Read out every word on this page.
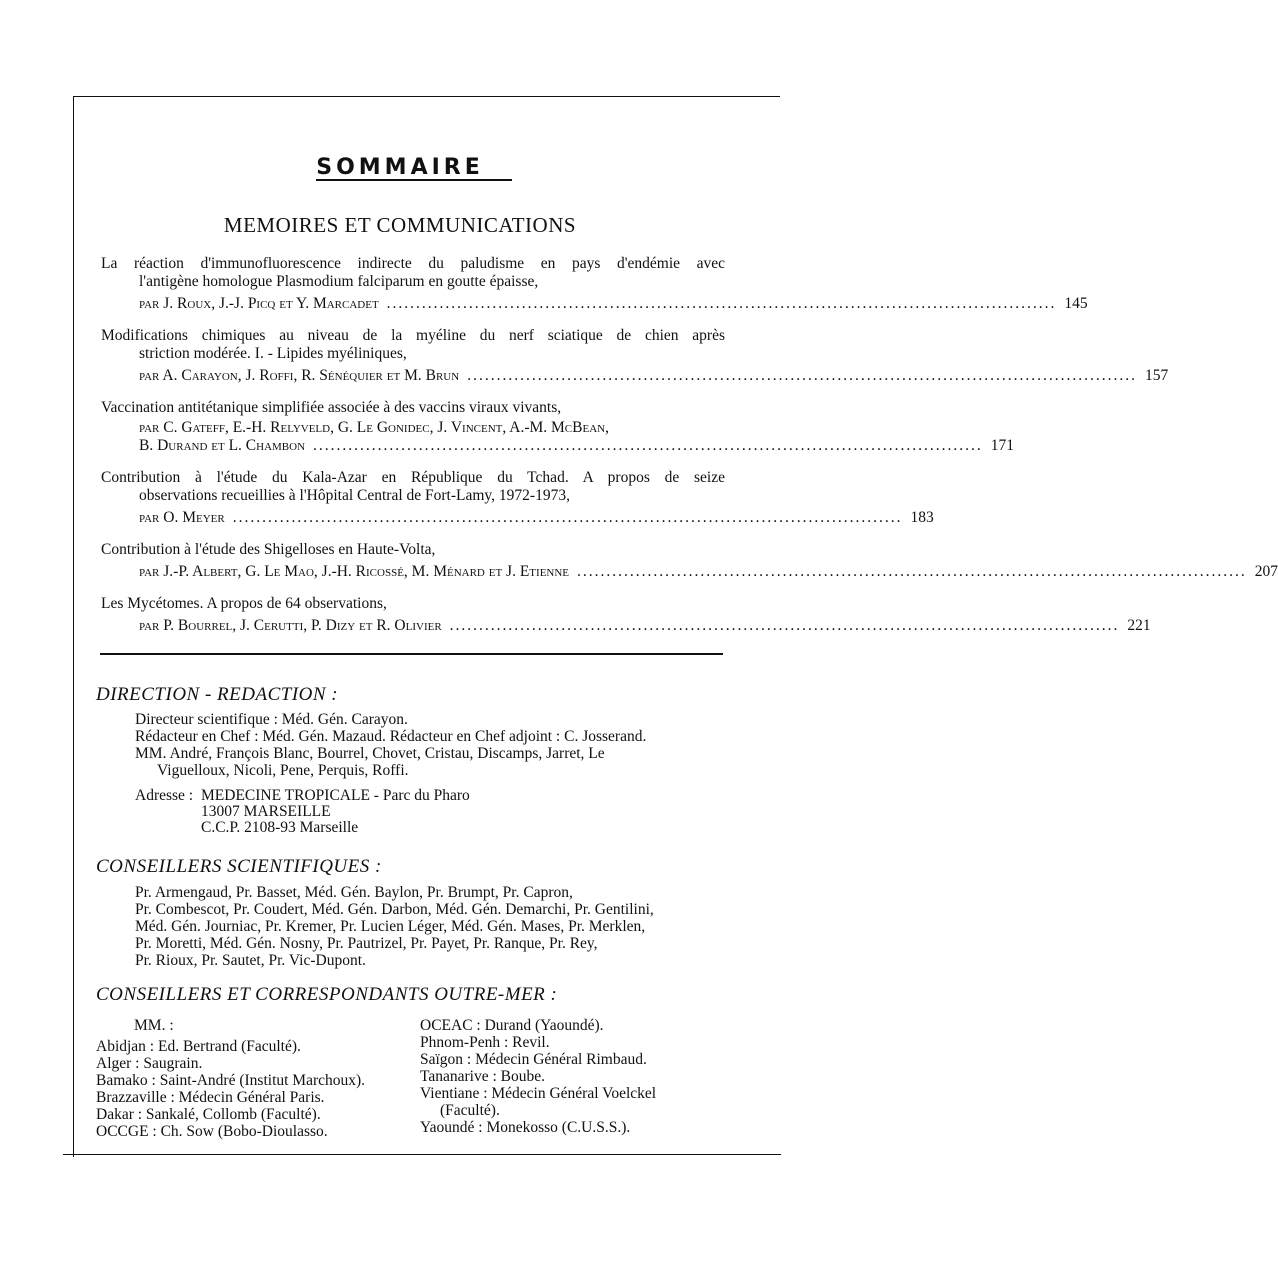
SOMMAIRE
MEMOIRES ET COMMUNICATIONS
La réaction d'immunofluorescence indirecte du paludisme en pays d'endémie avec
l'antigène homologue Plasmodium falciparum en goutte épaisse,
par J. Roux, J.-J. Picq et Y. Marcadet .................................................................................................................. 145
Modifications chimiques au niveau de la myéline du nerf sciatique de chien après
striction modérée. I. - Lipides myéliniques,
par A. Carayon, J. Roffi, R. Sénéquier et M. Brun .................................................................................................................. 157
Vaccination antitétanique simplifiée associée à des vaccins viraux vivants,
par C. Gateff, E.-H. Relyveld, G. Le Gonidec, J. Vincent, A.-M. McBean,
B. Durand et L. Chambon .................................................................................................................. 171
Contribution à l'étude du Kala-Azar en République du Tchad. A propos de seize
observations recueillies à l'Hôpital Central de Fort-Lamy, 1972-1973,
par O. Meyer .................................................................................................................. 183
Contribution à l'étude des Shigelloses en Haute-Volta,
par J.-P. Albert, G. Le Mao, J.-H. Ricossé, M. Ménard et J. Etienne .................................................................................................................. 207
Les Mycétomes. A propos de 64 observations,
par P. Bourrel, J. Cerutti, P. Dizy et R. Olivier .................................................................................................................. 221
DIRECTION - REDACTION :
Directeur scientifique : Méd. Gén. Carayon.
Rédacteur en Chef : Méd. Gén. Mazaud. Rédacteur en Chef adjoint : C. Josserand.
MM. André, François Blanc, Bourrel, Chovet, Cristau, Discamps, Jarret, Le
Viguelloux, Nicoli, Pene, Perquis, Roffi.
Adresse : MEDECINE TROPICALE - Parc du Pharo
13007 MARSEILLE
C.C.P. 2108-93 Marseille
CONSEILLERS SCIENTIFIQUES :
Pr. Armengaud, Pr. Basset, Méd. Gén. Baylon, Pr. Brumpt, Pr. Capron,
Pr. Combescot, Pr. Coudert, Méd. Gén. Darbon, Méd. Gén. Demarchi, Pr. Gentilini,
Méd. Gén. Journiac, Pr. Kremer, Pr. Lucien Léger, Méd. Gén. Mases, Pr. Merklen,
Pr. Moretti, Méd. Gén. Nosny, Pr. Pautrizel, Pr. Payet, Pr. Ranque, Pr. Rey,
Pr. Rioux, Pr. Sautet, Pr. Vic-Dupont.
CONSEILLERS ET CORRESPONDANTS OUTRE-MER :
MM. :
Abidjan : Ed. Bertrand (Faculté).
Alger : Saugrain.
Bamako : Saint-André (Institut Marchoux).
Brazzaville : Médecin Général Paris.
Dakar : Sankalé, Collomb (Faculté).
OCCGE : Ch. Sow (Bobo-Dioulasso.
OCEAC : Durand (Yaoundé).
Phnom-Penh : Revil.
Saïgon : Médecin Général Rimbaud.
Tananarive : Boube.
Vientiane : Médecin Général Voelckel
(Faculté).
Yaoundé : Monekosso (C.U.S.S.).
